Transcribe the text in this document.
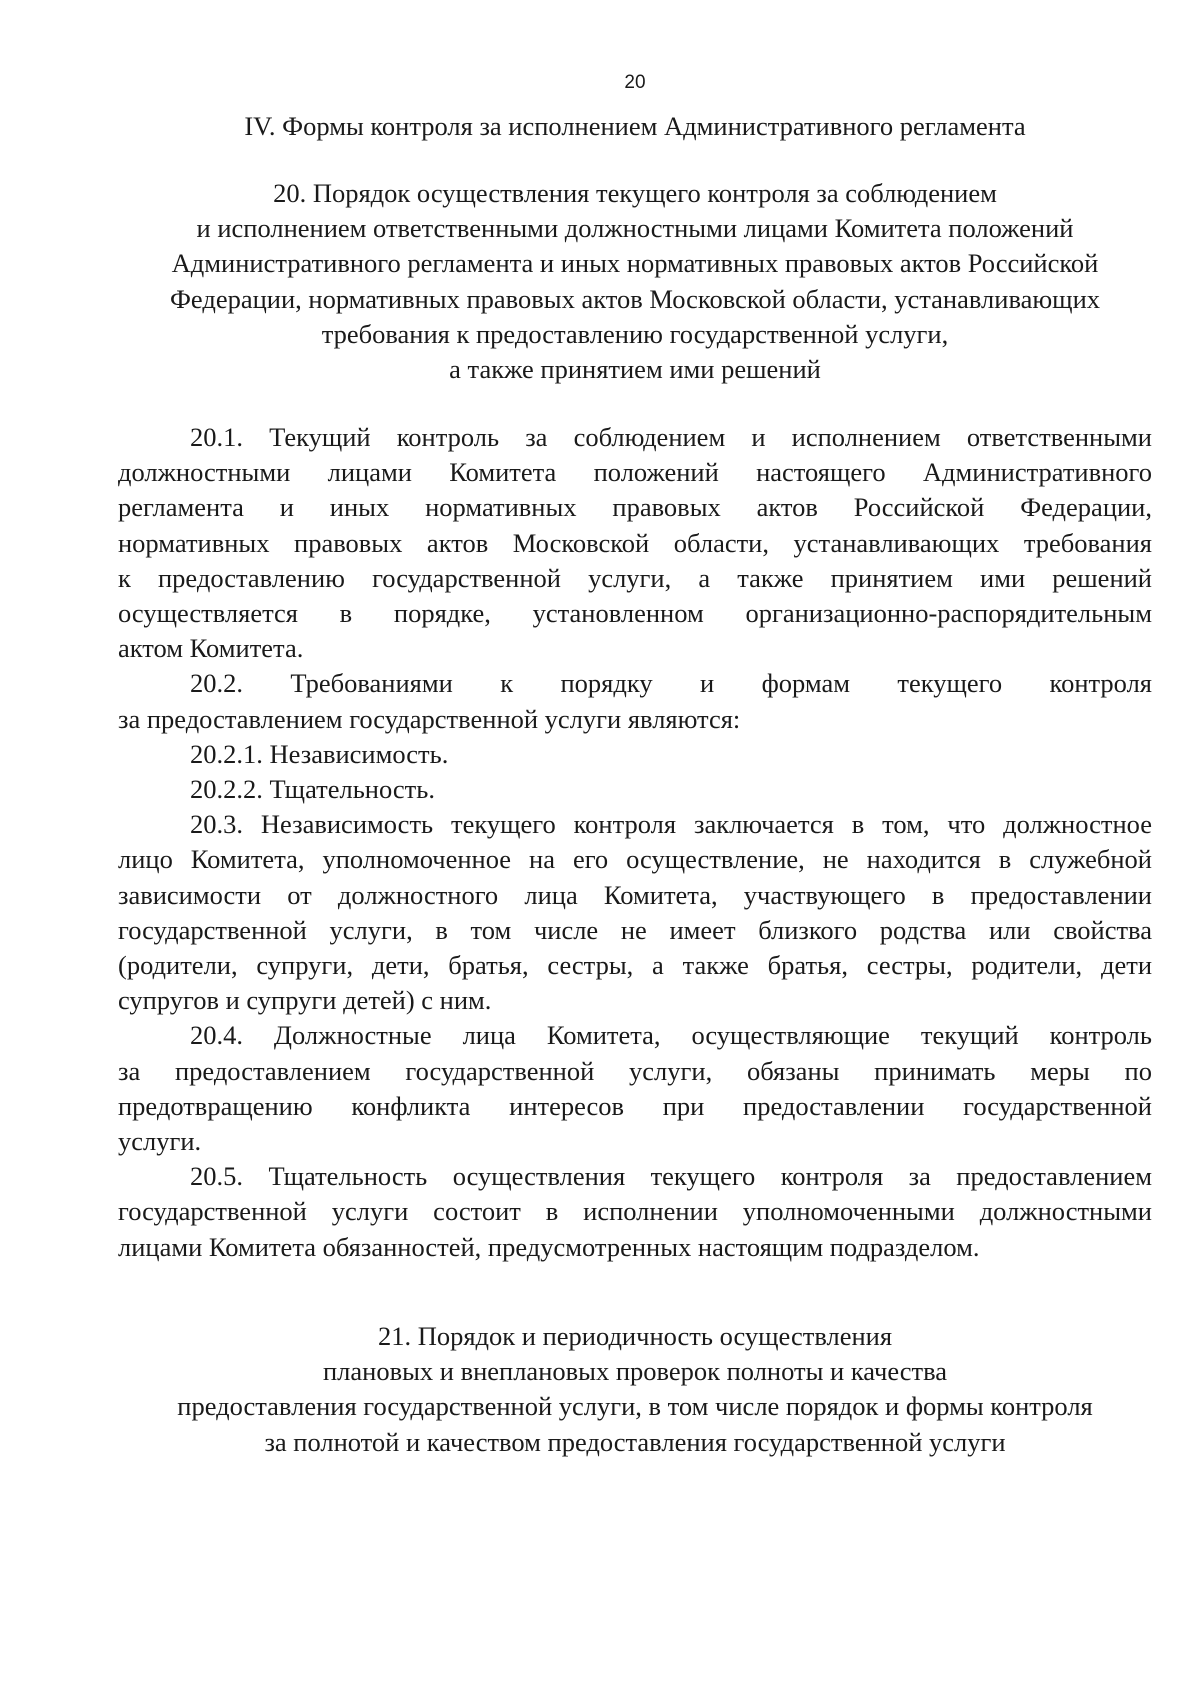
20
IV. Формы контроля за исполнением Административного регламента
20. Порядок осуществления текущего контроля за соблюдением
и исполнением ответственными должностными лицами Комитета положений
Административного регламента и иных нормативных правовых актов Российской
Федерации, нормативных правовых актов Московской области, устанавливающих
требования к предоставлению государственной услуги,
а также принятием ими решений
20.1. Текущий контроль за соблюдением и исполнением ответственными
должностными лицами Комитета положений настоящего Административного
регламента и иных нормативных правовых актов Российской Федерации,
нормативных правовых актов Московской области, устанавливающих требования
к предоставлению государственной услуги, а также принятием ими решений
осуществляется в порядке, установленном организационно-распорядительным
актом Комитета.
20.2. Требованиями к порядку и формам текущего контроля
за предоставлением государственной услуги являются:
20.2.1. Независимость.
20.2.2. Тщательность.
20.3. Независимость текущего контроля заключается в том, что должностное
лицо Комитета, уполномоченное на его осуществление, не находится в служебной
зависимости от должностного лица Комитета, участвующего в предоставлении
государственной услуги, в том числе не имеет близкого родства или свойства
(родители, супруги, дети, братья, сестры, а также братья, сестры, родители, дети
супругов и супруги детей) с ним.
20.4. Должностные лица Комитета, осуществляющие текущий контроль
за предоставлением государственной услуги, обязаны принимать меры по
предотвращению конфликта интересов при предоставлении государственной
услуги.
20.5. Тщательность осуществления текущего контроля за предоставлением
государственной услуги состоит в исполнении уполномоченными должностными
лицами Комитета обязанностей, предусмотренных настоящим подразделом.
21. Порядок и периодичность осуществления
плановых и внеплановых проверок полноты и качества
предоставления государственной услуги, в том числе порядок и формы контроля
за полнотой и качеством предоставления государственной услуги
